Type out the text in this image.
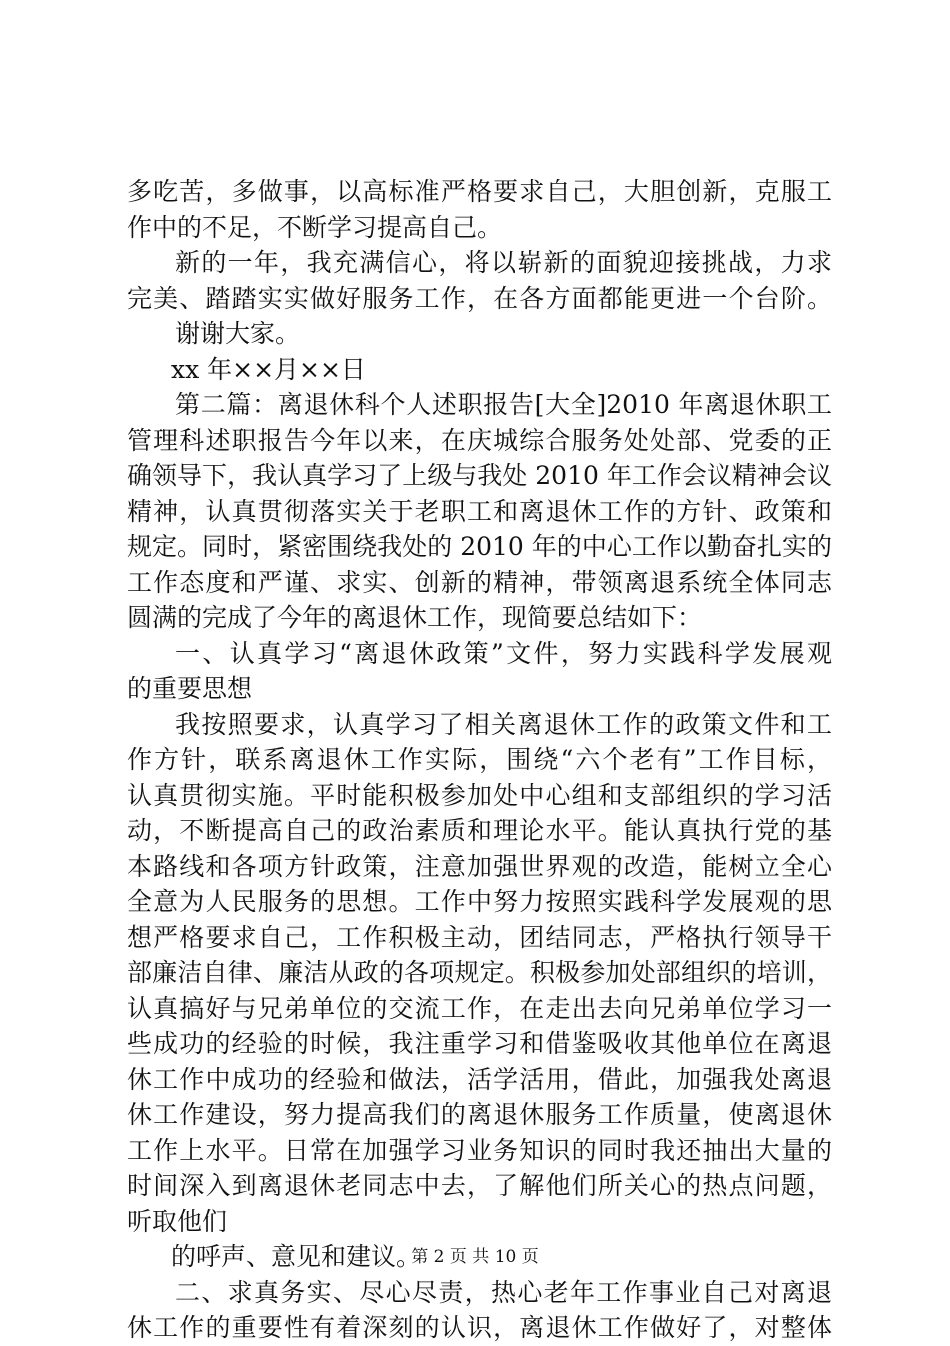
多吃苦，多做事，以高标准严格要求自己，大胆创新，克服工
作中的不足，不断学习提高自己。
新的一年，我充满信心，将以崭新的面貌迎接挑战，力求
完美、踏踏实实做好服务工作，在各方面都能更进一个台阶。
谢谢大家。
xx 年××月××日
第二篇：离退休科个人述职报告[大全]2010 年离退休职工
管理科述职报告今年以来，在庆城综合服务处处部、党委的正
确领导下，我认真学习了上级与我处 2010 年工作会议精神会议
精神，认真贯彻落实关于老职工和离退休工作的方针、政策和
规定。同时，紧密围绕我处的 2010 年的中心工作以勤奋扎实的
工作态度和严谨、求实、创新的精神，带领离退系统全体同志
圆满的完成了今年的离退休工作，现简要总结如下：
一、认真学习“离退休政策”文件，努力实践科学发展观
的重要思想
我按照要求，认真学习了相关离退休工作的政策文件和工
作方针，联系离退休工作实际，围绕“六个老有”工作目标，
认真贯彻实施。平时能积极参加处中心组和支部组织的学习活
动，不断提高自己的政治素质和理论水平。能认真执行党的基
本路线和各项方针政策，注意加强世界观的改造，能树立全心
全意为人民服务的思想。工作中努力按照实践科学发展观的思
想严格要求自己，工作积极主动，团结同志，严格执行领导干
部廉洁自律、廉洁从政的各项规定。积极参加处部组织的培训，
认真搞好与兄弟单位的交流工作，在走出去向兄弟单位学习一
些成功的经验的时候，我注重学习和借鉴吸收其他单位在离退
休工作中成功的经验和做法，活学活用，借此，加强我处离退
休工作建设，努力提高我们的离退休服务工作质量，使离退休
工作上水平。日常在加强学习业务知识的同时我还抽出大量的
时间深入到离退休老同志中去，了解他们所关心的热点问题，
听取他们
的呼声、意见和建议。
二、求真务实、尽心尽责，热心老年工作事业自己对离退
休工作的重要性有着深刻的认识，离退休工作做好了，对整体
第 2 页 共 10 页
